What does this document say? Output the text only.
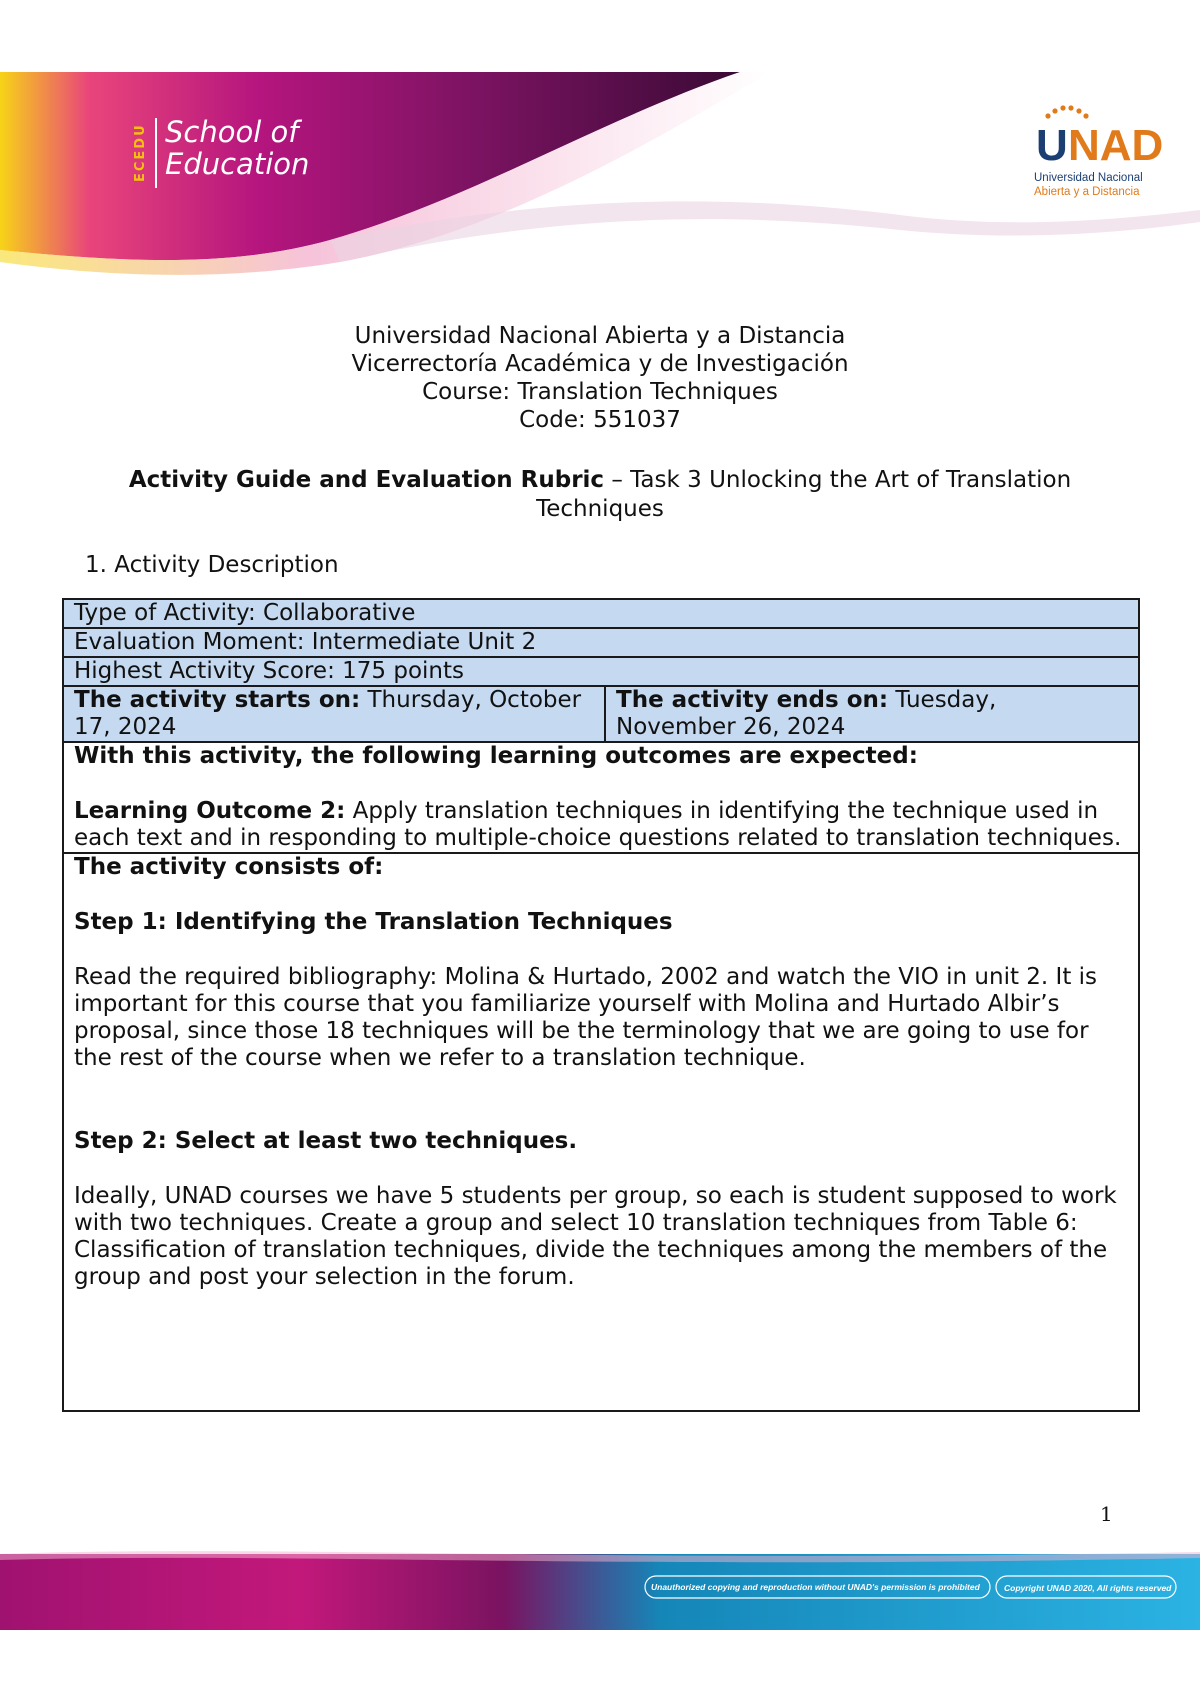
ECEDU School of
Education	U NAD
Universidad Nacional
Abierta y a Distancia
Universidad Nacional Abierta y a Distancia
Vicerrectoría Académica y de Investigación
Course: Translation Techniques
Code: 551037
Activity Guide and Evaluation Rubric – Task 3 Unlocking the Art of Translation
Techniques
1. Activity Description
Type of Activity: Collaborative
Evaluation Moment: Intermediate Unit 2
Highest Activity Score: 175 points
The activity starts on: Thursday, October
17, 2024	The activity ends on: Tuesday,
November 26, 2024

With this activity, the following learning outcomes are expected:
Learning Outcome 2: Apply translation techniques in identifying the technique used in each text and in responding to multiple-choice questions related to translation techniques.

The activity consists of:
Step 1: Identifying the Translation Techniques
Read the required bibliography: Molina & Hurtado, 2002 and watch the VIO in unit 2. It is important for this course that you familiarize yourself with Molina and Hurtado Albir’s proposal, since those 18 techniques will be the terminology that we are going to use for the rest of the course when we refer to a translation technique.
Step 2: Select at least two techniques.
Ideally, UNAD courses we have 5 students per group, so each is student supposed to work with two techniques. Create a group and select 10 translation techniques from Table 6: Classification of translation techniques, divide the techniques among the members of the group and post your selection in the forum.
1
Unauthorized copying and reproduction without UNAD's permission is prohibited	Copyright UNAD 2020, All rights reserved
